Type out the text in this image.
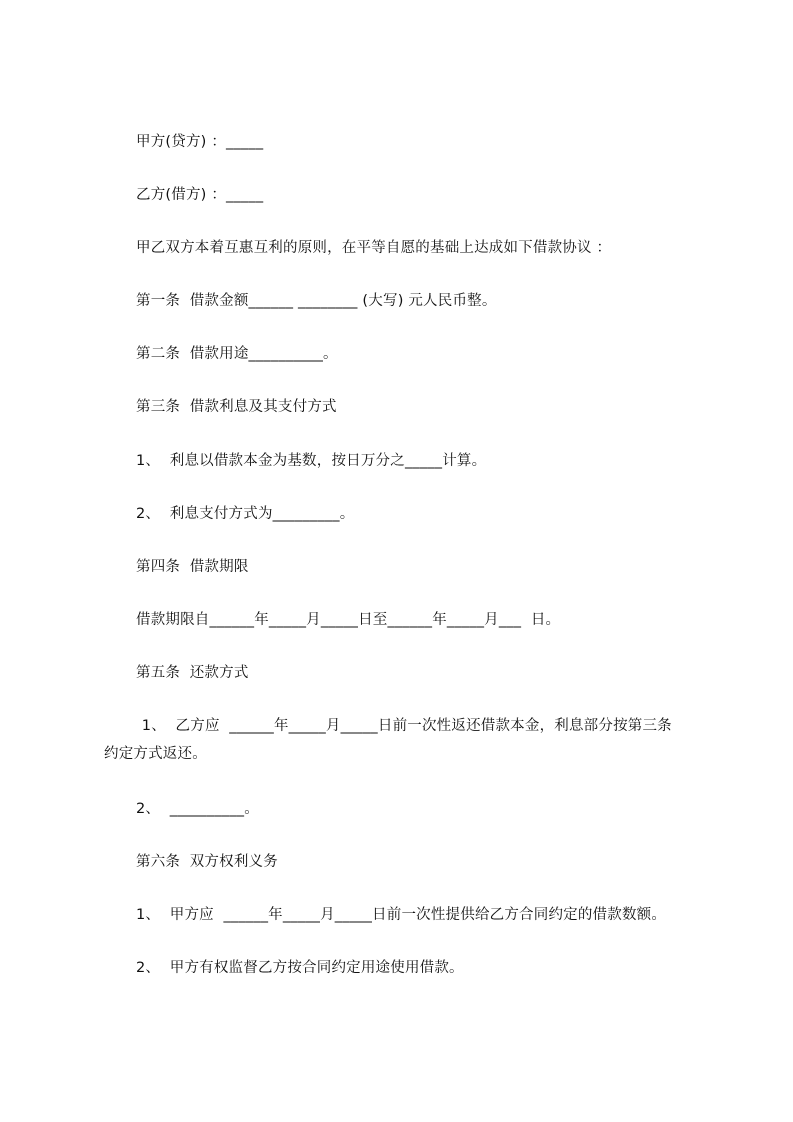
甲方(贷方) ：_____
乙方(借方) ：_____
甲乙双方本着互惠互利的原则，在平等自愿的基础上达成如下借款协议 ：
第一条  借款金额______ ________ (大写) 元人民币整。
第二条  借款用途__________。
第三条  借款利息及其支付方式
1、  利息以借款本金为基数，按日万分之_____计算。
2、  利息支付方式为_________。
第四条  借款期限
借款期限自______年_____月_____日至______年_____月___  日。
第五条  还款方式
1、  乙方应  ______年_____月_____日前一次性返还借款本金，利息部分按第三条
约定方式返还。
2、  __________。
第六条  双方权利义务
1、  甲方应  ______年_____月_____日前一次性提供给乙方合同约定的借款数额。
2、  甲方有权监督乙方按合同约定用途使用借款。
